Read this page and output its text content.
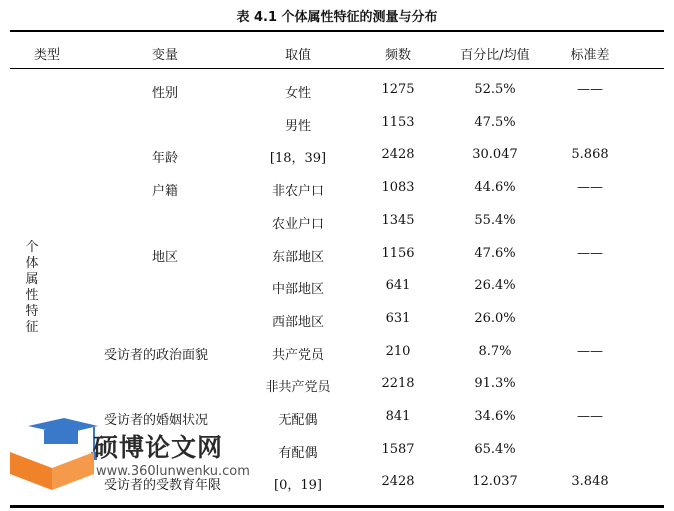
表 4.1 个体属性特征的测量与分布
类型	变量	取值	频数	百分比/均值	标准差
个体属性特征
性别	女性	1275	52.5%	——
男性	1153	47.5%
年龄	[18，39]	2428	30.047	5.868
户籍	非农户口	1083	44.6%	——
农业户口	1345	55.4%
地区	东部地区	1156	47.6%	——
中部地区	641	26.4%
西部地区	631	26.0%
受访者的政治面貌	共产党员	210	8.7%	——
非共产党员	2218	91.3%
受访者的婚姻状况	无配偶	841	34.6%	——
有配偶	1587	65.4%
受访者的受教育年限	[0，19]	2428	12.037	3.848
硕博论文网
www.360lunwenku.com
